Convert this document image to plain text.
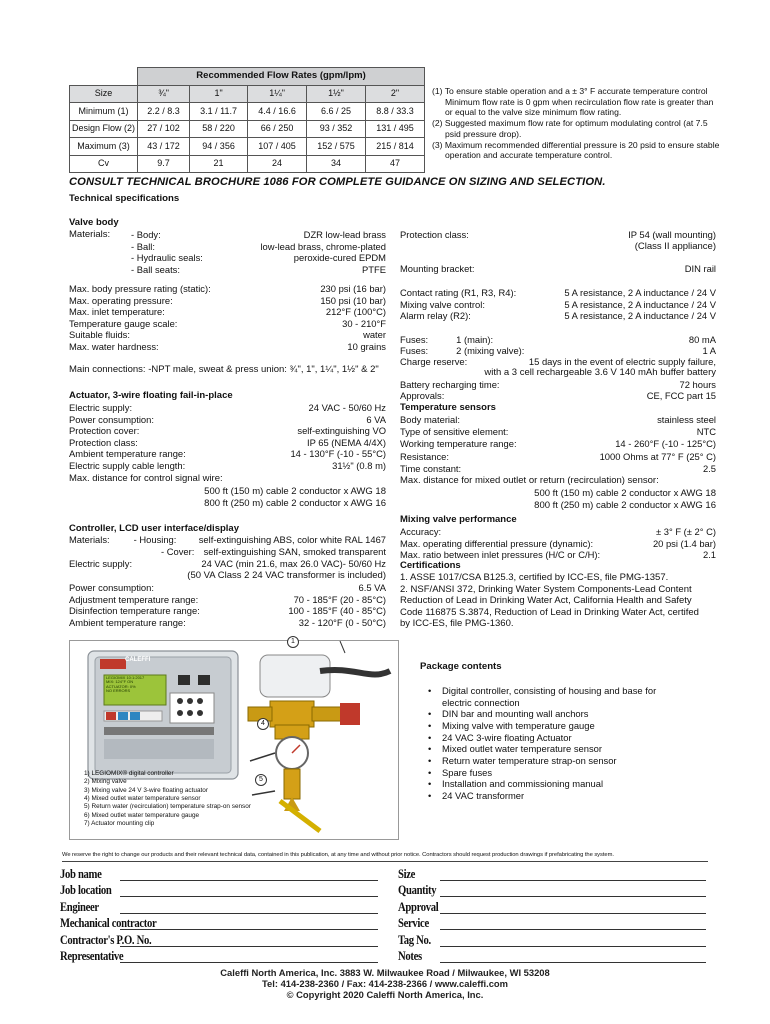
	Recommended Flow Rates (gpm/lpm)				
Size	¾"	1"	1¼"	1½"	2"
Minimum (1)	2.2 / 8.3	3.1 / 11.7	4.4 / 16.6	6.6 / 25	8.8 / 33.3
Design Flow (2)	27 / 102	58 / 220	66 / 250	93 / 352	131 / 495
Maximum (3)	43 / 172	94 / 356	107 / 405	152 / 575	215 / 814
Cv	9.7	21	24	34	47
(1) To ensure stable operation and a ± 3° F accurate temperature control Minimum flow rate is 0 gpm when recirculation flow rate is greater than or equal to the valve size minimum flow rating.
(2) Suggested maximum flow rate for optimum modulating control (at 7.5 psid pressure drop).
(3) Maximum recommended differential pressure is 20 psid to ensure stable operation and accurate temperature control.
CONSULT TECHNICAL BROCHURE 1086 FOR COMPLETE GUIDANCE ON SIZING AND SELECTION.
Technical specifications
Valve body
Materials: - Body:	DZR low-lead brass
- Ball:	low-lead brass, chrome-plated
- Hydraulic seals:	peroxide-cured EPDM
- Ball seats:	PTFE
Max. body pressure rating (static):	230 psi (16 bar)
Max. operating pressure:	150 psi (10 bar)
Max. inlet temperature:	212°F (100°C)
Temperature gauge scale:	30 - 210°F
Suitable fluids:	water
Max. water hardness:	10 grains
Main connections: -NPT male, sweat & press union: ¾", 1", 1¼", 1½" & 2"
Actuator, 3-wire floating fail-in-place
Electric supply:	24 VAC - 50/60 Hz
Power consumption:	6 VA
Protection cover:	self-extinguishing VO
Protection class:	IP 65 (NEMA 4/4X)
Ambient temperature range:	14 - 130°F (-10 - 55°C)
Electric supply cable length:	31½" (0.8 m)
Max. distance for control signal wire:
500 ft (150 m) cable 2 conductor x AWG 18
800 ft (250 m) cable 2 conductor x AWG 16
Controller, LCD user interface/display
Materials:	- Housing: self-extinguishing ABS, color white RAL 1467
- Cover: self-extinguishing SAN, smoked transparent
Electric supply:	24 VAC (min 21.6, max 26.0 VAC)- 50/60 Hz
(50 VA Class 2 24 VAC transformer is included)
Power consumption:	6.5 VA
Adjustment temperature range:	70 - 185°F (20 - 85°C)
Disinfection temperature range:	100 - 185°F (40 - 85°C)
Ambient temperature range:	32 - 120°F (0 - 50°C)
Protection class:	IP 54 (wall mounting)
(Class II appliance)
Mounting bracket:	DIN rail
Contact rating (R1, R3, R4):	5 A resistance, 2 A inductance / 24 V
Mixing valve control:	5 A resistance, 2 A inductance / 24 V
Alarm relay (R2):	5 A resistance, 2 A inductance / 24 V
Fuses:	1 (main):	80 mA
Fuses:	2 (mixing valve):	1 A
Charge reserve:	15 days in the event of electric supply failure,
with a 3 cell rechargeable 3.6 V 140 mAh buffer battery
Battery recharging time:	72 hours
Approvals:	CE, FCC part 15
Temperature sensors
Body material:	stainless steel
Type of sensitive element:	NTC
Working temperature range:	14 - 260°F (-10 - 125°C)
Resistance:	1000 Ohms at 77° F (25° C)
Time constant:	2.5
Max. distance for mixed outlet or return (recirculation) sensor:
500 ft (150 m) cable 2 conductor x AWG 18
800 ft (250 m) cable 2 conductor x AWG 16
Mixing valve performance
Accuracy:	± 3° F (± 2° C)
Max. operating differential pressure (dynamic):	20 psi (1.4 bar)
Max. ratio between inlet pressures (H/C or C/H):	2.1
Certifications
1. ASSE 1017/CSA B125.3, certified by ICC-ES, file PMG-1357.
2. NSF/ANSI 372, Drinking Water System Components-Lead Content
Reduction of Lead in Drinking Water Act, California Health and Safety
Code 116875 S.3874, Reduction of Lead in Drinking Water Act, certifed
by ICC-ES, file PMG-1360.
1
4
5
CALEFFI
LEGIOMIX 10:1:2017
MIX: 124°F ON
ACTUATOR: 0%
NO ERRORS
1) LEGIOMIX® digital controller
2) Mixing valve
3) Mixing valve 24 V 3-wire floating actuator
4) Mixed outlet water temperature sensor
5) Return water (recirculation) temperature strap-on sensor
6) Mixed outlet water temperature gauge
7) Actuator mounting clip
Package contents
• Digital controller, consisting of housing and base for electric connection
• DIN bar and mounting wall anchors
• Mixing valve with temperature gauge
• 24 VAC 3-wire floating Actuator
• Mixed outlet water temperature sensor
• Return water temperature strap-on sensor
• Spare fuses
• Installation and commissioning manual
• 24 VAC transformer
We reserve the right to change our products and their relevant technical data, contained in this publication, at any time and without prior notice. Contractors should request production drawings if prefabricating the system.
Job name
Job location
Engineer
Mechanical contractor
Contractor's P.O. No.
Representative
Size
Quantity
Approval
Service
Tag No.
Notes
Caleffi North America, Inc. 3883 W. Milwaukee Road / Milwaukee, WI 53208
Tel: 414-238-2360 / Fax: 414-238-2366 / www.caleffi.com
© Copyright 2020 Caleffi North America, Inc.
